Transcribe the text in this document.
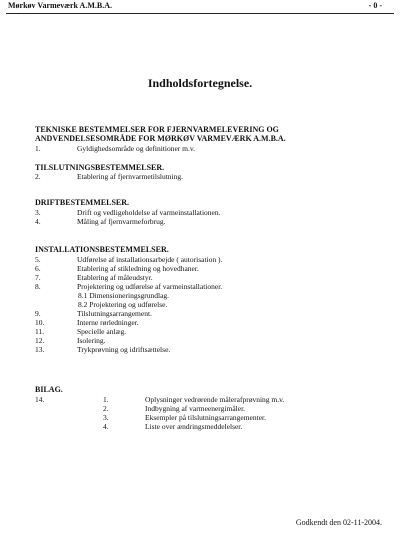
Mørkøv Varmeværk A.M.B.A.	- 0 -
Indholdsfortegnelse.
TEKNISKE BESTEMMELSER FOR FJERNVARMELEVERING OG
ANDVENDELSESOMRÅDE FOR MØRKØV VARMEVÆRK A.M.B.A.
1.	Gyldighedsområde og definitioner m.v.
TILSLUTNINGSBESTEMMELSER.
2.	Etablering af fjernvarmetilslutning.
DRIFTBESTEMMELSER.
3.	Drift og vedligeholdelse af varmeinstallationen.
4.	Måling af fjernvarmeforbrug.
INSTALLATIONSBESTEMMELSER.
5.	Udførelse af installationsarbejde ( autorisation ).
6.	Etablering af stikledning og hovedhaner.
7.	Etablering af måleudstyr.
8.	Projektering og udførelse af varmeinstallationer.
8.1 Dimensioneringsgrundlag.
8.2 Projektering og udførelse.
9.	Tilslutningsarrangement.
10.	Interne rørledninger.
11.	Specielle anlæg.
12.	Isolering.
13.	Trykprøvning og idriftsættelse.
BILAG.
14.	1.	Oplysninger vedrørende målerafprøvning m.v.
2.	Indbygning af varmeenergimåler.
3.	Eksempler på tilslutningsarrangementer.
4.	Liste over ændringsmeddelelser.
Godkendt den 02-11-2004.
